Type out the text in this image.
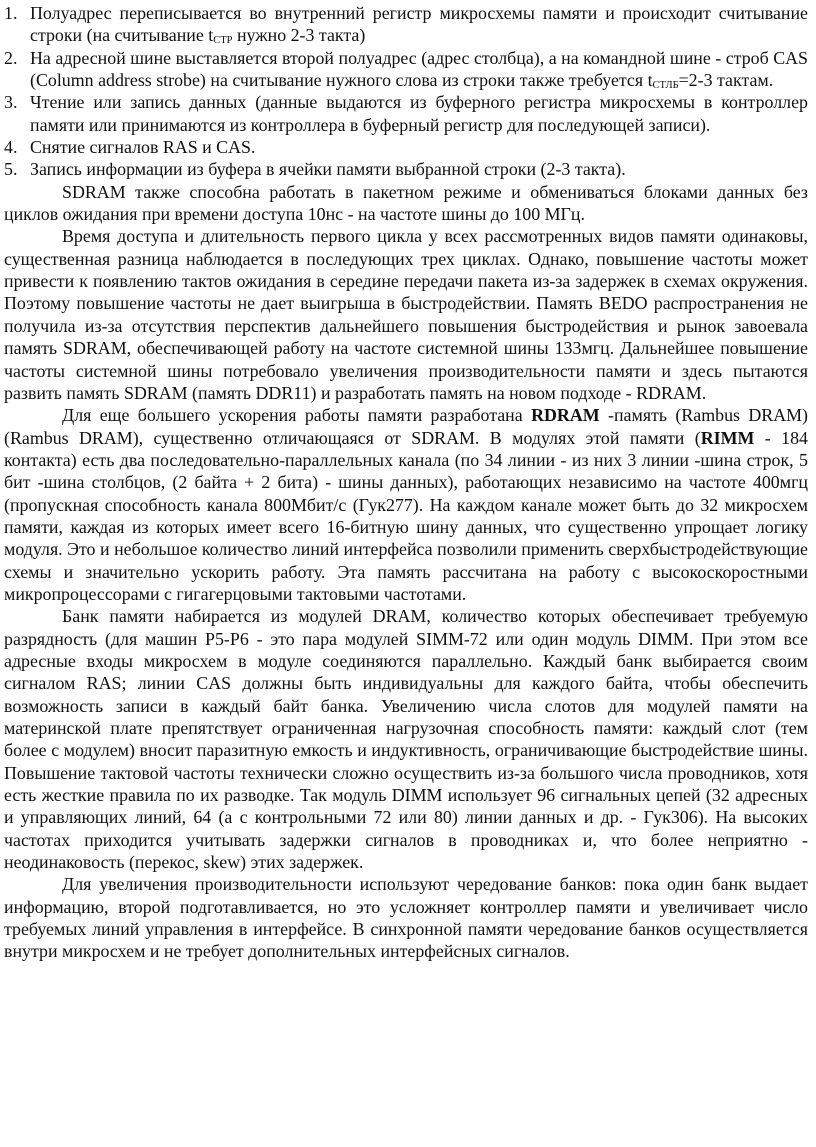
1. Полуадрес переписывается во внутренний регистр микросхемы памяти и происходит считывание строки (на считывание $t_{СТР}$ нужно 2-3 такта)
2. На адресной шине выставляется второй полуадрес (адрес столбца), а на командной шине - строб CAS (Column address strobe) на считывание нужного слова из строки также требуется $t_{СТЛБ}=2-3$ тактам.
3. Чтение или запись данных (данные выдаются из буферного регистра микросхемы в контроллер памяти или принимаются из контроллера в буферный регистр для последующей записи).
4. Снятие сигналов RAS и CAS.
5. Запись информации из буфера в ячейки памяти выбранной строки (2-3 такта).

SDRAM также способна работать в пакетном режиме и обмениваться блоками данных без циклов ожидания при времени доступа 10нс - на частоте шины до 100 МГц.

Время доступа и длительность первого цикла у всех рассмотренных видов памяти одинаковы, существенная разница наблюдается в последующих трех циклах. Однако, повышение частоты может привести к появлению тактов ожидания в середине передачи пакета из-за задержек в схемах окружения. Поэтому повышение частоты не дает выигрыша в быстродействии. Память BEDO распространения не получила из-за отсутствия перспектив дальнейшего повышения быстродействия и рынок завоевала память SDRAM, обеспечивающей работу на частоте системной шины 133мгц. Дальнейшее повышение частоты системной шины потребовало увеличения производительности памяти и здесь пытаются развить память SDRAM (память DDR11) и разработать память на новом подходе - RDRAM.

Для еще большего ускорения работы памяти разработана RDRAM -память (Rambus DRAM) (Rambus DRAM), существенно отличающаяся от SDRAM. В модулях этой памяти (RIMM - 184 контакта) есть два последовательно-параллельных канала (по 34 линии - из них 3 линии -шина строк, 5 бит -шина столбцов, (2 байта + 2 бита) - шины данных), работающих независимо на частоте 400мгц (пропускная способность канала 800Мбит/с (Гук277). На каждом канале может быть до 32 микросхем памяти, каждая из которых имеет всего 16-битную шину данных, что существенно упрощает логику модуля. Это и небольшое количество линий интерфейса позволили применить сверхбыстродействующие схемы и значительно ускорить работу. Эта память рассчитана на работу с высокоскоростными микропроцессорами с гигагерцовыми тактовыми частотами.

Банк памяти набирается из модулей DRAM, количество которых обеспечивает требуемую разрядность (для машин Р5-Р6 - это пара модулей SIMM-72 или один модуль DIMM. При этом все адресные входы микросхем в модуле соединяются параллельно. Каждый банк выбирается своим сигналом RAS; линии CAS должны быть индивидуальны для каждого байта, чтобы обеспечить возможность записи в каждый байт банка. Увеличению числа слотов для модулей памяти на материнской плате препятствует ограниченная нагрузочная способность памяти: каждый слот (тем более с модулем) вносит паразитную емкость и индуктивность, ограничивающие быстродействие шины. Повышение тактовой частоты технически сложно осуществить из-за большого числа проводников, хотя есть жесткие правила по их разводке. Так модуль DIMM использует 96 сигнальных цепей (32 адресных и управляющих линий, 64 (а с контрольными 72 или 80) линии данных и др. - Гук306). На высоких частотах приходится учитывать задержки сигналов в проводниках и, что более неприятно - неодинаковость (перекос, skew) этих задержек.

Для увеличения производительности используют чередование банков: пока один банк выдает информацию, второй подготавливается, но это усложняет контроллер памяти и увеличивает число требуемых линий управления в интерфейсе. В синхронной памяти чередование банков осуществляется внутри микросхем и не требует дополнительных интерфейсных сигналов.
